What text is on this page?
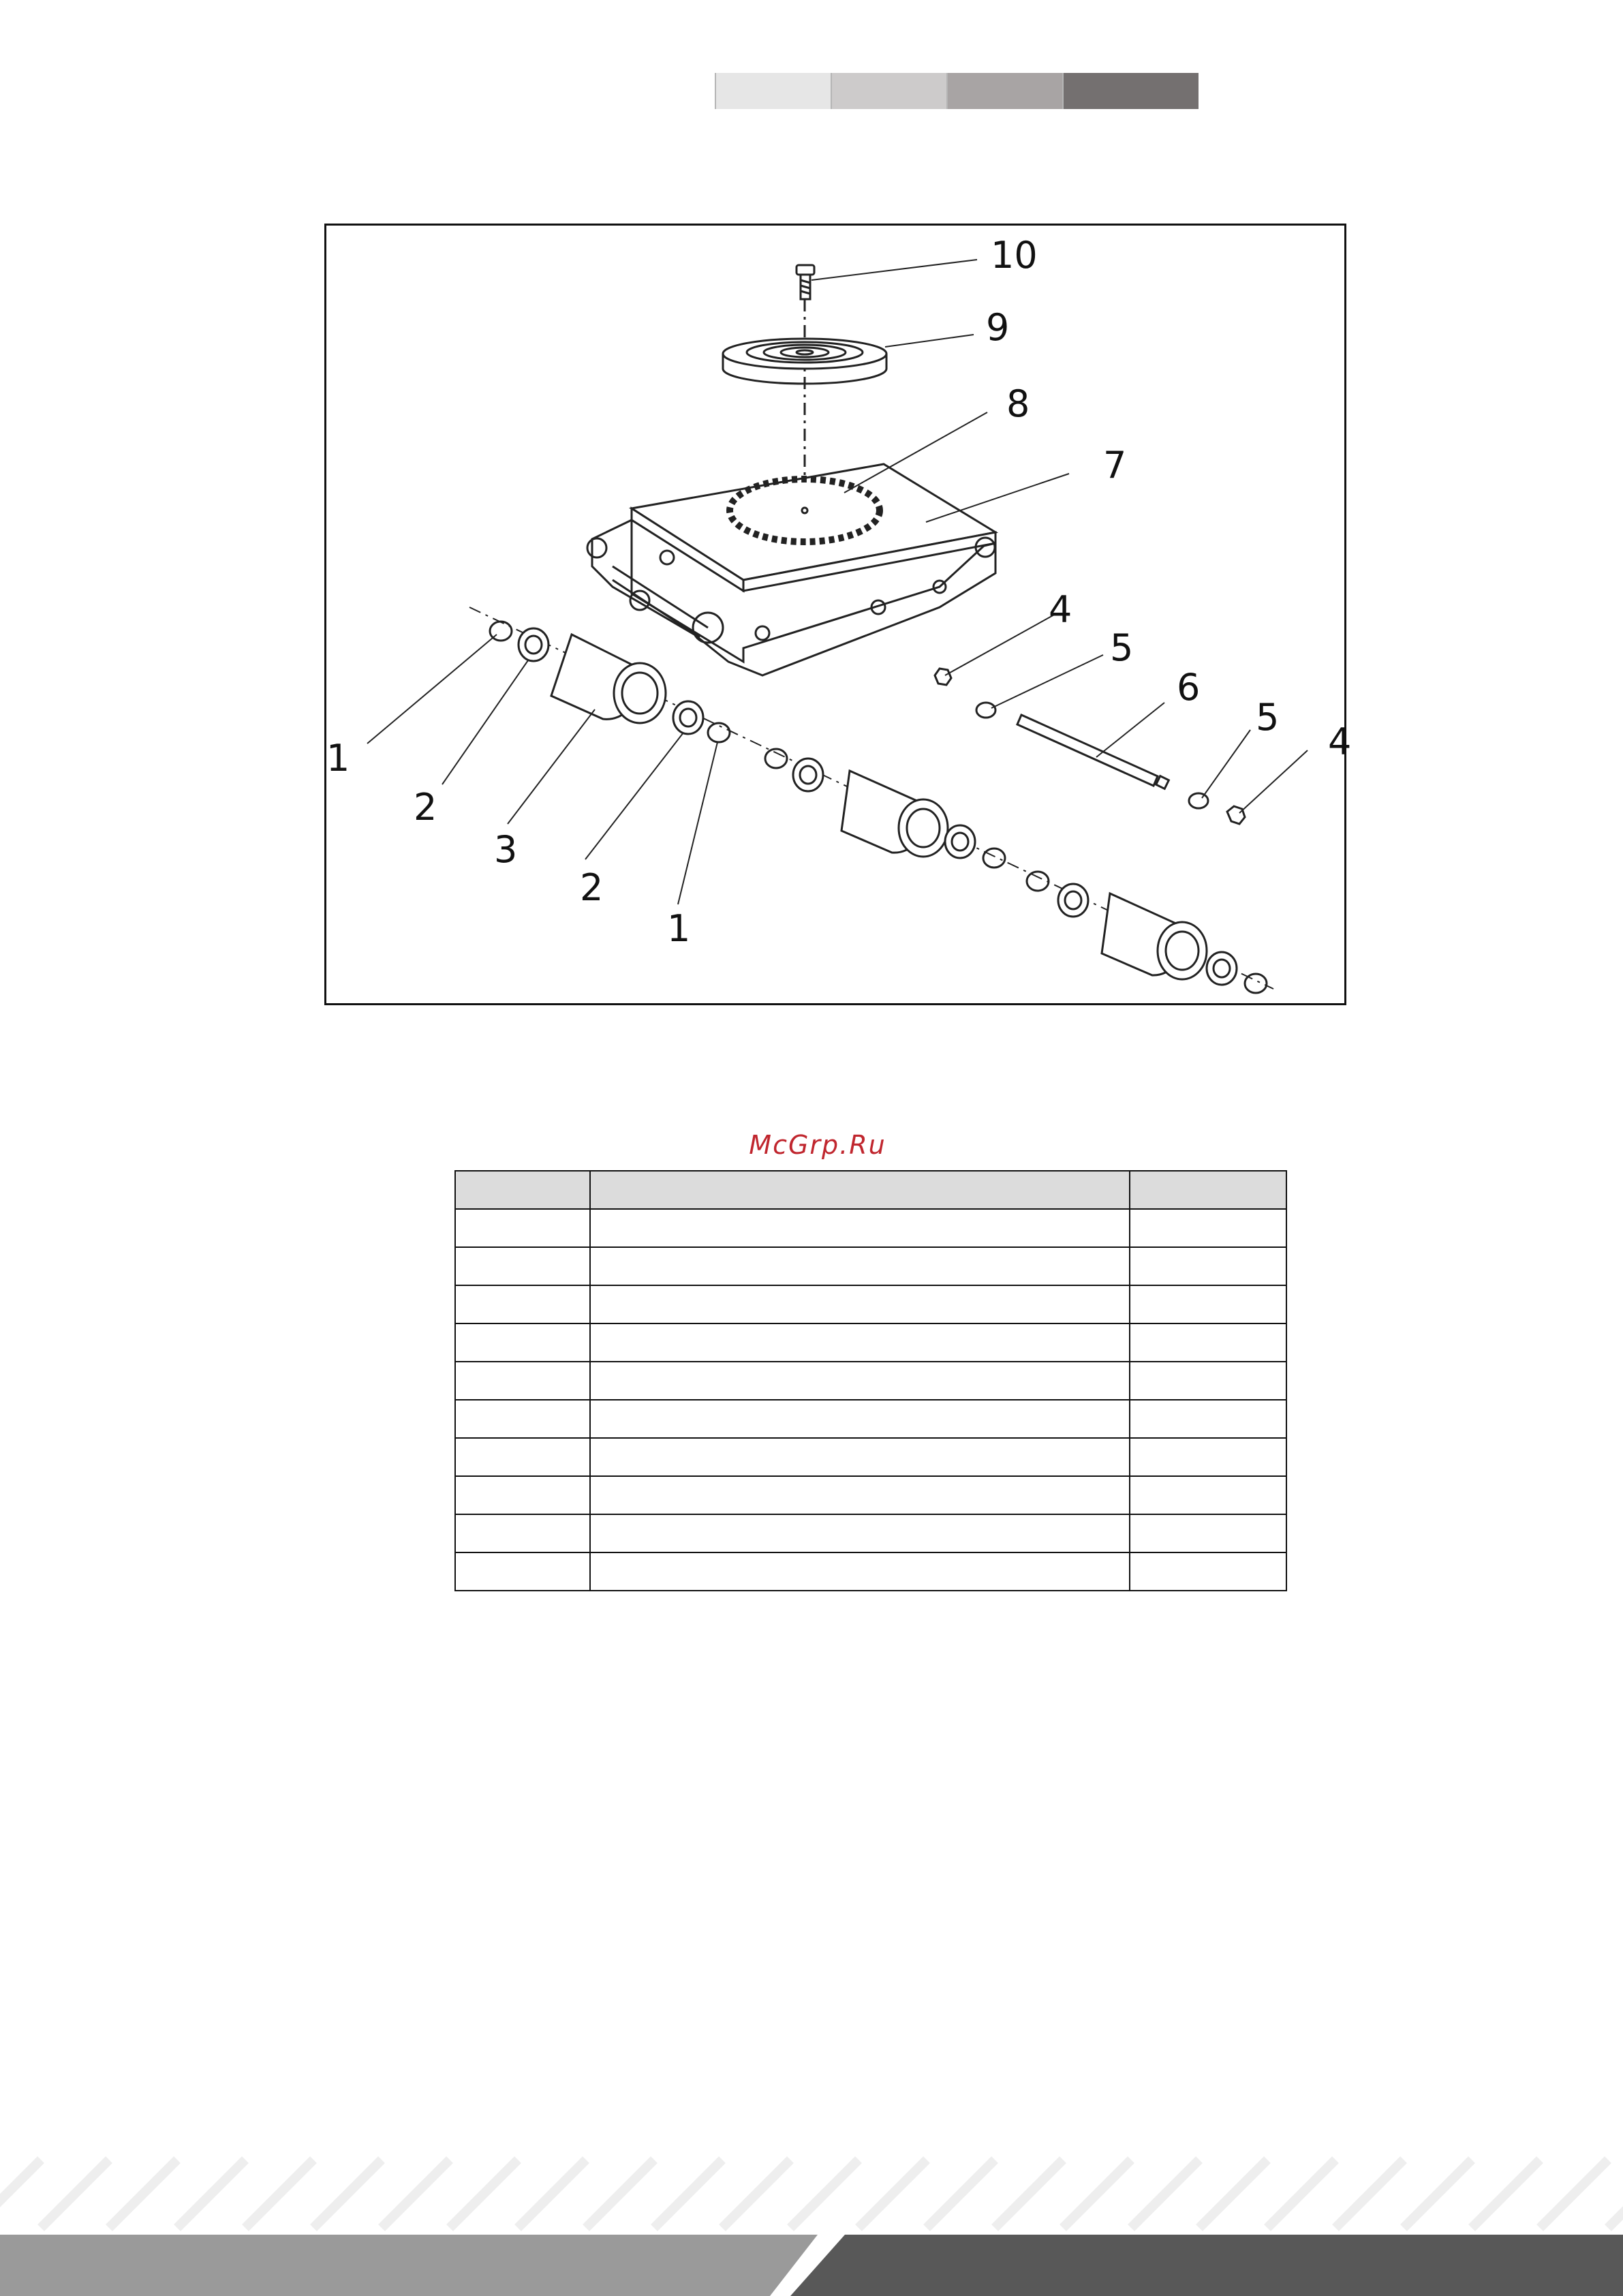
10
9
8
7
4
5
6
5
4
1
2
3
2
1
McGrp.Ru
